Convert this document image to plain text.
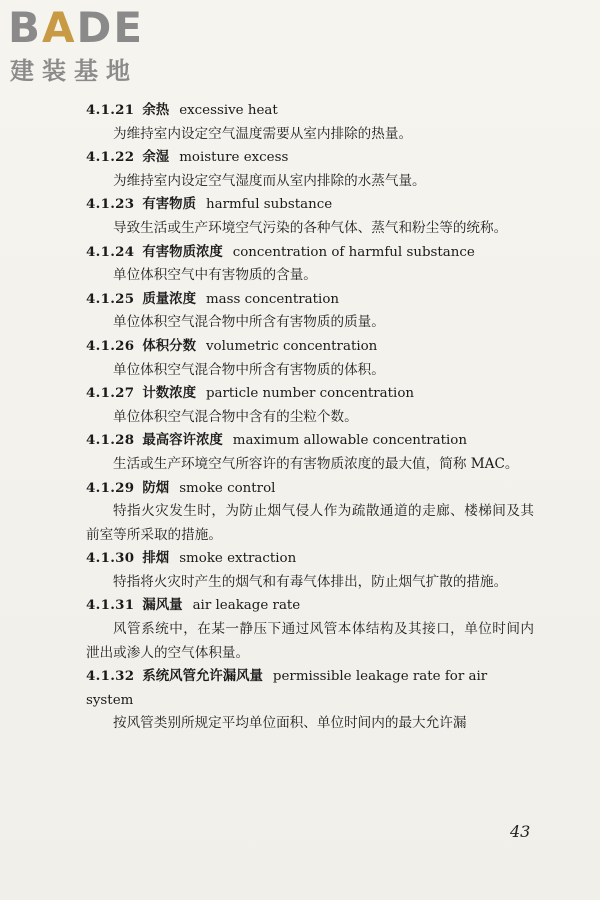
BADE
建装基地
4.1.21 余热 excessive heat

为维持室内设定空气温度需要从室内排除的热量。

4.1.22 余湿 moisture excess

为维持室内设定空气湿度而从室内排除的水蒸气量。

4.1.23 有害物质 harmful substance

导致生活或生产环境空气污染的各种气体、蒸气和粉尘等的统称。

4.1.24 有害物质浓度 concentration of harmful substance

单位体积空气中有害物质的含量。

4.1.25 质量浓度 mass concentration

单位体积空气混合物中所含有害物质的质量。

4.1.26 体积分数 volumetric concentration

单位体积空气混合物中所含有害物质的体积。

4.1.27 计数浓度 particle number concentration

单位体积空气混合物中含有的尘粒个数。

4.1.28 最高容许浓度 maximum allowable concentration

生活或生产环境空气所容许的有害物质浓度的最大值，简称 MAC。

4.1.29 防烟 smoke control

特指火灾发生时，为防止烟气侵人作为疏散通道的走廊、楼梯间及其前室等所采取的措施。

4.1.30 排烟 smoke extraction

特指将火灾时产生的烟气和有毒气体排出，防止烟气扩散的措施。

4.1.31 漏风量 air leakage rate

风管系统中，在某一静压下通过风管本体结构及其接口，单位时间内泄出或渗人的空气体积量。

4.1.32 系统风管允许漏风量 permissible leakage rate for air system

按风管类别所规定平均单位面积、单位时间内的最大允许漏

43
